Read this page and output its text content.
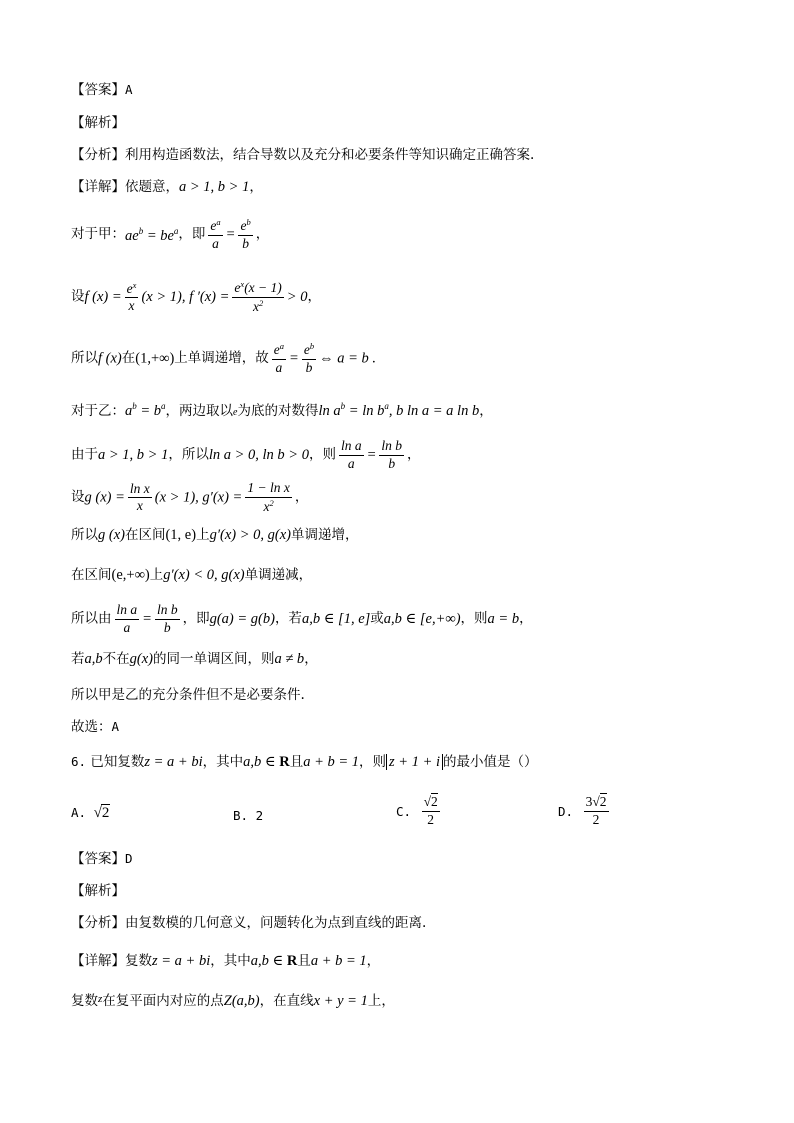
【答案】A
【解析】
【分析】利用构造函数法，结合导数以及充分和必要条件等知识确定正确答案.
【详解】依题意，a > 1, b > 1，
对于甲：$ae^b = be^a$，即 $\frac{e^a}{a} = \frac{e^b}{b}$ ，
设f $(x) = \frac{e^x}{x} (x > 1)$, f $'(x) = \frac{e^x(x - 1)}{x^2} > 0$，
所以f (x)在(1,+∞)上单调递增，故 $\frac{e^a}{a} = \frac{e^b}{b}$ ⇔ a = b .
对于乙：$a^b = b^a$，两边取以e为底的对数得$\ln a^b = \ln b^a$, b ln a = a ln b，
由于a > 1, b > 1，所以ln a > 0, ln b > 0，则 $\frac{\text{ln a}}{a} = \frac{\text{ln b}}{b}$ ，
设g $(x) = \frac{\text{ln x}}{x} (x > 1)$, $g'(x) = \frac{\text{1 − ln x}}{x^2}$ ，
所以g (x)在区间(1, e)上g′(x) > 0, g(x)单调递增，
在区间(e,+∞)上g′(x) < 0, g(x)单调递减，
所以由 $\frac{\text{ln a}}{a} = \frac{\text{ln b}}{b}$ ，即g(a) = g(b)，若a,b ∈ [1, e]或a,b ∈ [e,+∞)，则a = b，
若a,b不在g(x)的同一单调区间，则a ≠ b，
所以甲是乙的充分条件但不是必要条件.
故选：A
6. 已知复数z = a + bi，其中a,b ∈ R且a + b = 1，则 z + 1 + i 的最小值是（）
A. √2	B. 2	C. $\frac{√2}{2}$	D. $\frac{3√2}{2}$
【答案】D
【解析】
【分析】由复数模的几何意义，问题转化为点到直线的距离.
【详解】复数z = a + bi，其中a,b ∈ R且a + b = 1，
复数$^z$在复平面内对应的点Z(a,b)，在直线x + y = 1上，
